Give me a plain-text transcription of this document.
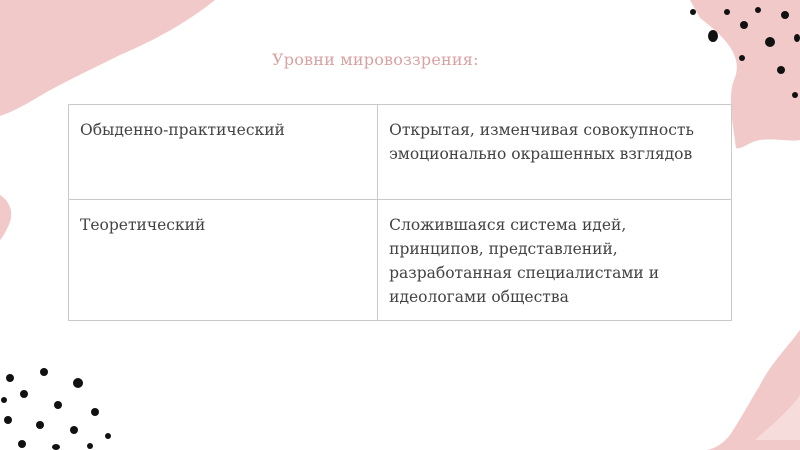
Уровни мировоззрения:
Обыденно-практический	Открытая, изменчивая совокупность эмоционально окрашенных взглядов
Теоретический	Сложившаяся система идей, принципов, представлений, разработанная специалистами и идеологами общества
